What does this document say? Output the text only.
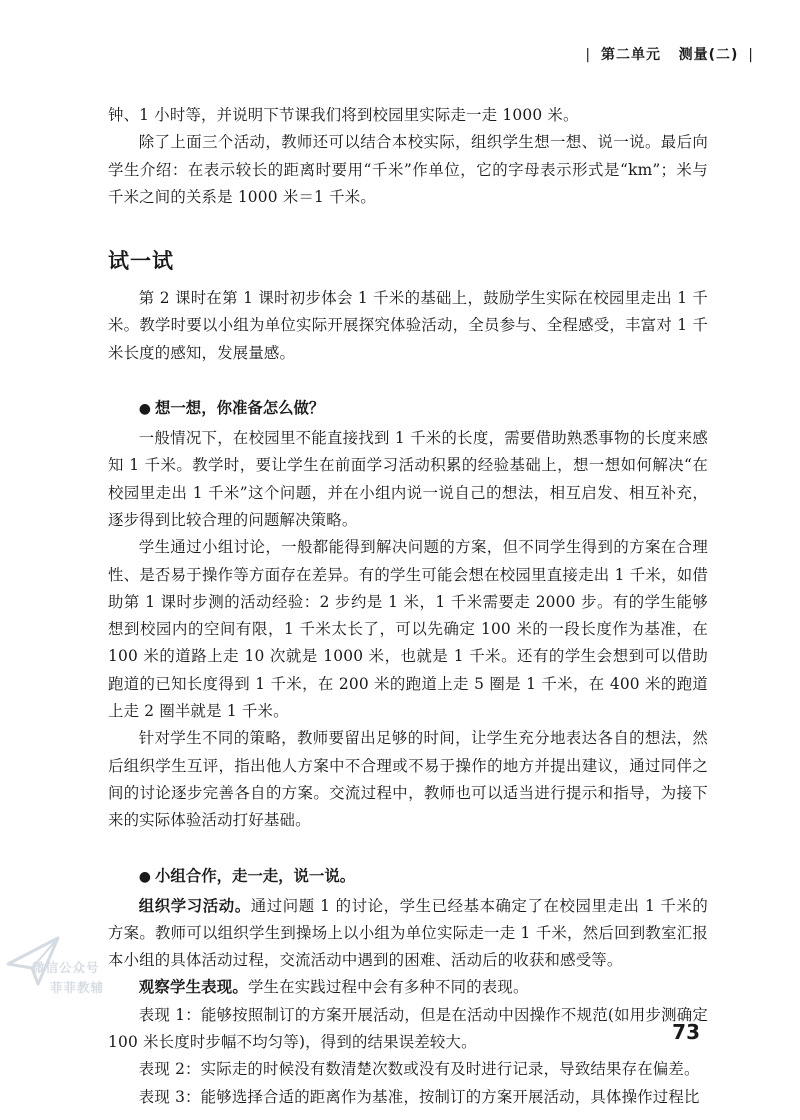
| 第二单元 测量(二) |

钟、1 小时等，并说明下节课我们将到校园里实际走一走 1000 米。

除了上面三个活动，教师还可以结合本校实际，组织学生想一想、说一说。最后向学生介绍：在表示较长的距离时要用“千米”作单位，它的字母表示形式是“km”；米与千米之间的关系是 1000 米＝1 千米。

试一试

第 2 课时在第 1 课时初步体会 1 千米的基础上，鼓励学生实际在校园里走出 1 千米。教学时要以小组为单位实际开展探究体验活动，全员参与、全程感受，丰富对 1 千米长度的感知，发展量感。

● 想一想，你准备怎么做？

一般情况下，在校园里不能直接找到 1 千米的长度，需要借助熟悉事物的长度来感知 1 千米。教学时，要让学生在前面学习活动积累的经验基础上，想一想如何解决“在校园里走出 1 千米”这个问题，并在小组内说一说自己的想法，相互启发、相互补充，逐步得到比较合理的问题解决策略。

学生通过小组讨论，一般都能得到解决问题的方案，但不同学生得到的方案在合理性、是否易于操作等方面存在差异。有的学生可能会想在校园里直接走出 1 千米，如借助第 1 课时步测的活动经验：2 步约是 1 米，1 千米需要走 2000 步。有的学生能够想到校园内的空间有限，1 千米太长了，可以先确定 100 米的一段长度作为基准，在 100 米的道路上走 10 次就是 1000 米，也就是 1 千米。还有的学生会想到可以借助跑道的已知长度得到 1 千米，在 200 米的跑道上走 5 圈是 1 千米，在 400 米的跑道上走 2 圈半就是 1 千米。

针对学生不同的策略，教师要留出足够的时间，让学生充分地表达各自的想法，然后组织学生互评，指出他人方案中不合理或不易于操作的地方并提出建议，通过同伴之间的讨论逐步完善各自的方案。交流过程中，教师也可以适当进行提示和指导，为接下来的实际体验活动打好基础。

● 小组合作，走一走，说一说。

组织学习活动。通过问题 1 的讨论，学生已经基本确定了在校园里走出 1 千米的方案。教师可以组织学生到操场上以小组为单位实际走一走 1 千米，然后回到教室汇报本小组的具体活动过程，交流活动中遇到的困难、活动后的收获和感受等。

观察学生表现。学生在实践过程中会有多种不同的表现。

表现 1：能够按照制订的方案开展活动，但是在活动中因操作不规范(如用步测确定 100 米长度时步幅不均匀等)，得到的结果误差较大。

表现 2：实际走的时候没有数清楚次数或没有及时进行记录，导致结果存在偏差。

表现 3：能够选择合适的距离作为基准，按制订的方案开展活动，具体操作过程比

73
微信公众号
菲菲教辅
